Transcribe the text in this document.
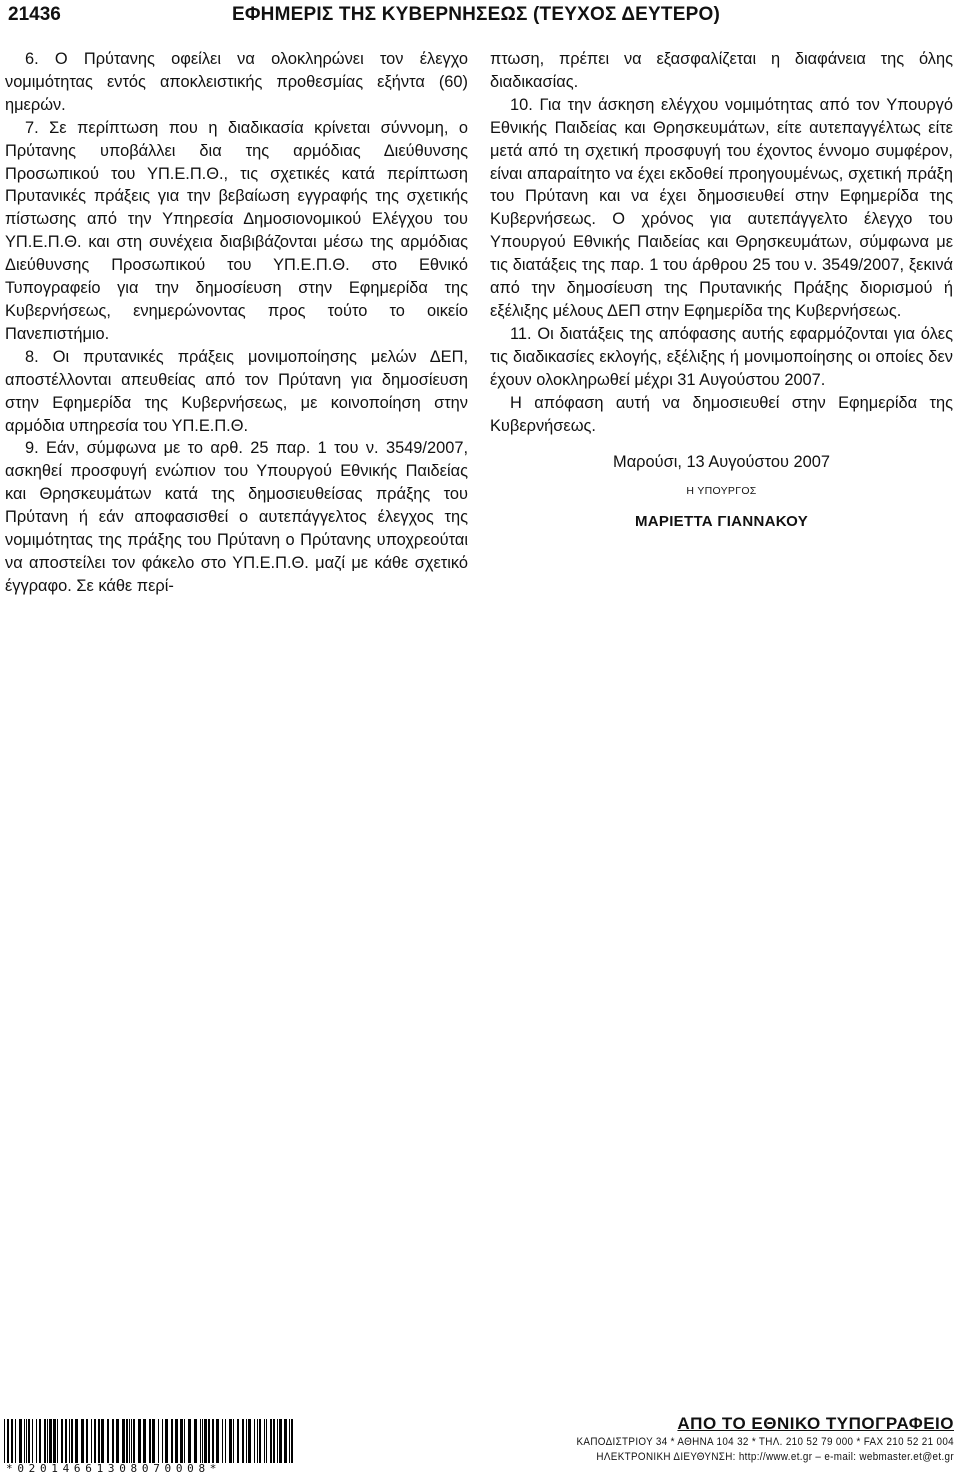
21436	ΕΦΗΜΕΡΙΣ ΤΗΣ ΚΥΒΕΡΝΗΣΕΩΣ (ΤΕΥΧΟΣ ΔΕΥΤΕΡΟ)

6. Ο Πρύτανης οφείλει να ολοκληρώνει τον έλεγχο νομιμότητας εντός αποκλειστικής προθεσμίας εξήντα (60) ημερών.

7. Σε περίπτωση που η διαδικασία κρίνεται σύννομη, ο Πρύτανης υποβάλλει δια της αρμόδιας Διεύθυνσης Προσωπικού του ΥΠ.Ε.Π.Θ., τις σχετικές κατά περίπτωση Πρυτανικές πράξεις για την βεβαίωση εγγραφής της σχετικής πίστωσης από την Υπηρεσία Δημοσιονομικού Ελέγχου του ΥΠ.Ε.Π.Θ. και στη συνέχεια διαβιβάζονται μέσω της αρμόδιας Διεύθυνσης Προσωπικού του ΥΠ.Ε.Π.Θ. στο Εθνικό Τυπογραφείο για την δημοσίευση στην Εφημερίδα της Κυβερνήσεως, ενημερώνοντας προς τούτο το οικείο Πανεπιστήμιο.

8. Οι πρυτανικές πράξεις μονιμοποίησης μελών ΔΕΠ, αποστέλλονται απευθείας από τον Πρύτανη για δημοσίευση στην Εφημερίδα της Κυβερνήσεως, με κοινοποίηση στην αρμόδια υπηρεσία του ΥΠ.Ε.Π.Θ.

9. Εάν, σύμφωνα με το αρθ. 25 παρ. 1 του ν. 3549/2007, ασκηθεί προσφυγή ενώπιον του Υπουργού Εθνικής Παιδείας και Θρησκευμάτων κατά της δημοσιευθείσας πράξης του Πρύτανη ή εάν αποφασισθεί ο αυτεπάγγελτος έλεγχος της νομιμότητας της πράξης του Πρύτανη ο Πρύτανης υποχρεούται να αποστείλει τον φάκελο στο ΥΠ.Ε.Π.Θ. μαζί με κάθε σχετικό έγγραφο. Σε κάθε περί-

πτωση, πρέπει να εξασφαλίζεται η διαφάνεια της όλης διαδικασίας.

10. Για την άσκηση ελέγχου νομιμότητας από τον Υπουργό Εθνικής Παιδείας και Θρησκευμάτων, είτε αυτεπαγγέλτως είτε μετά από τη σχετική προσφυγή του έχοντος έννομο συμφέρον, είναι απαραίτητο να έχει εκδοθεί προηγουμένως, σχετική πράξη του Πρύτανη και να έχει δημοσιευθεί στην Εφημερίδα της Κυβερνήσεως. Ο χρόνος για αυτεπάγγελτο έλεγχο του Υπουργού Εθνικής Παιδείας και Θρησκευμάτων, σύμφωνα με τις διατάξεις της παρ. 1 του άρθρου 25 του ν. 3549/2007, ξεκινά από την δημοσίευση της Πρυτανικής Πράξης διορισμού ή εξέλιξης μέλους ΔΕΠ στην Εφημερίδα της Κυβερνήσεως.

11. Οι διατάξεις της απόφασης αυτής εφαρμόζονται για όλες τις διαδικασίες εκλογής, εξέλιξης ή μονιμοποίησης οι οποίες δεν έχουν ολοκληρωθεί μέχρι 31 Αυγούστου 2007.

Η απόφαση αυτή να δημοσιευθεί στην Εφημερίδα της Κυβερνήσεως.

Μαρούσι, 13 Αυγούστου 2007

Η ΥΠΟΥΡΓΟΣ

ΜΑΡΙΕΤΤΑ ΓΙΑΝΝΑΚΟΥ

*02014661308070008*
ΑΠΟ ΤΟ ΕΘΝΙΚΟ ΤΥΠΟΓΡΑΦΕΙΟ
ΚΑΠΟΔΙΣΤΡΙΟΥ 34 * ΑΘΗΝΑ 104 32 * ΤΗΛ. 210 52 79 000 * FAX 210 52 21 004
ΗΛΕΚΤΡΟΝΙΚΗ ΔΙΕΥΘΥΝΣΗ: http://www.et.gr – e-mail: webmaster.et@et.gr
